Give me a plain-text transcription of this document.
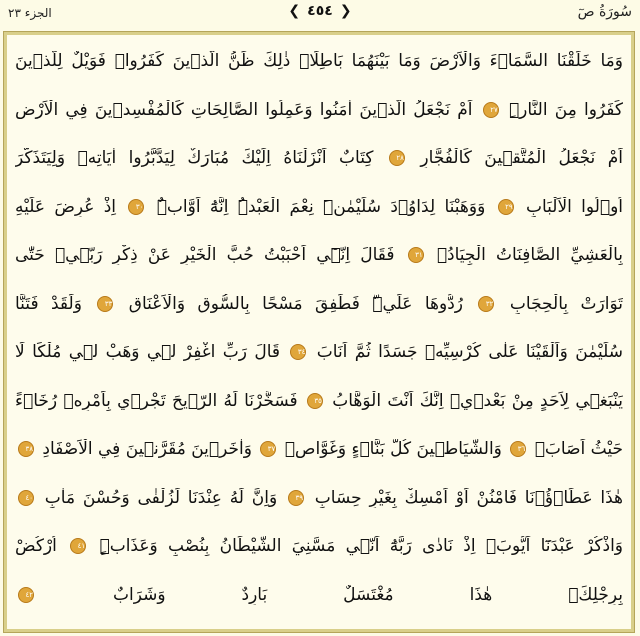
الجزء ٢٣	❮ ٤٥٤ ❯	سُورَةُ صٓ
وَمَا خَلَقْنَا السَّمَاۤءَ وَالْاَرْضَ وَمَا بَيْنَهُمَا بَاطِلًاۜ ذٰلِكَ ظَنُّ الَّذٖينَ كَفَرُواۚ فَوَيْلٌ لِلَّذٖينَ
كَفَرُوا مِنَ النَّارِۜ ٢٧ اَمْ نَجْعَلُ الَّذٖينَ اٰمَنُوا وَعَمِلُوا الصَّالِحَاتِ كَالْمُفْسِدٖينَ فِي الْاَرْضِ
اَمْ نَجْعَلُ الْمُتَّقٖينَ كَالْفُجَّارِ ٢٨ كِتَابٌ اَنْزَلْنَاهُ اِلَيْكَ مُبَارَكٌ لِيَدَّبَّرُوا اٰيَاتِهٖ وَلِيَتَذَكَّرَ
اُو۬لُوا الْاَلْبَابِ ٢٩ وَوَهَبْنَا لِدَاوُ۫دَ سُلَيْمٰنَۜ نِعْمَ الْعَبْدُۜ اِنَّهُٓ اَوَّابٌۜ ٣٠ اِذْ عُرِضَ عَلَيْهِ
بِالْعَشِيِّ الصَّافِنَاتُ الْجِيَادُۙ ٣١ فَقَالَ اِنّٖٓي اَحْبَبْتُ حُبَّ الْخَيْرِ عَنْ ذِكْرِ رَبّٖيۚ حَتّٰى
تَوَارَتْ بِالْحِجَابِ ٣٢ رُدُّوهَا عَلَيَّۜ فَطَفِقَ مَسْحًا بِالسُّوقِ وَالْاَعْنَاقِ ٣٣ وَلَقَدْ فَتَنَّا
سُلَيْمٰنَ وَاَلْقَيْنَا عَلٰى كُرْسِيِّهٖ جَسَدًا ثُمَّ اَنَابَ ٣٤ قَالَ رَبِّ اغْفِرْ لٖي وَهَبْ لٖي مُلْكًا لَا
يَنْبَغٖي لِاَحَدٍ مِنْ بَعْدٖيۚ اِنَّكَ اَنْتَ الْوَهَّابُ ٣٥ فَسَخَّرْنَا لَهُ الرّٖيحَ تَجْرٖي بِاَمْرِهٖ رُخَاۤءً
حَيْثُ اَصَابَۙ ٣٦ وَالشَّيَاطٖينَ كُلَّ بَنَّاۤءٍ وَغَوَّاصٍۙ ٣٧ وَاٰخَرٖينَ مُقَرَّنٖينَ فِي الْاَصْفَادِ ٣٨
هٰذَا عَطَاۤؤُ۬نَا فَامْنُنْ اَوْ اَمْسِكْ بِغَيْرِ حِسَابٍ ٣٩ وَاِنَّ لَهُ عِنْدَنَا لَزُلْفٰى وَحُسْنَ مَاٰبٍ ٤٠
وَاذْكُرْ عَبْدَنَٓا اَيُّوبَۢ اِذْ نَادٰى رَبَّهُٓ اَنّٖي مَسَّنِيَ الشَّيْطَانُ بِنُصْبٍ وَعَذَابٍۜ ٤١ اُرْكُضْ
بِرِجْلِكَۚ هٰذَا مُغْتَسَلٌ بَارِدٌ وَشَرَابٌ ٤٢
